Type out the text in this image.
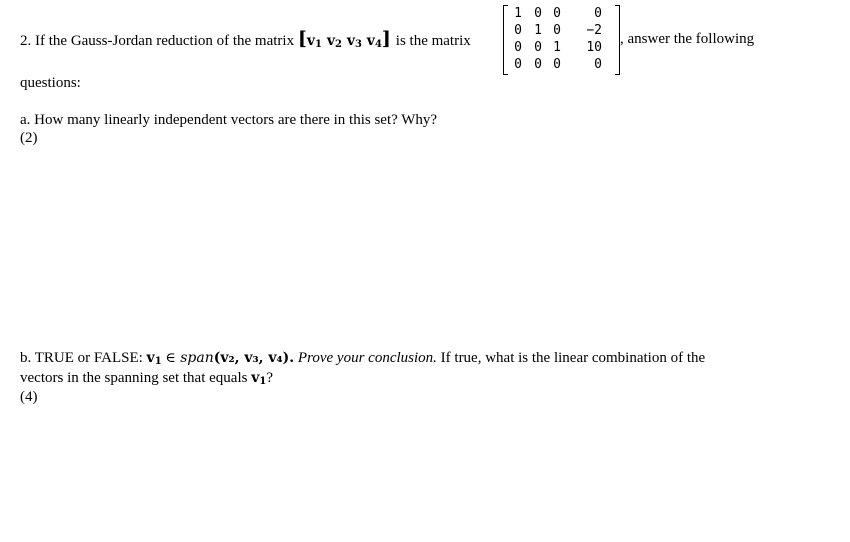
2. If the Gauss-Jordan reduction of the matrix [$v_1$ $v_2$ $v_3$ $v_4$] is the matrix
1 0 0	0
0 1 0	−2
0 0 1	10
0 0 0	0
, answer the following
questions:
a. How many linearly independent vectors are there in this set? Why?
(2)
b. TRUE or FALSE: $v_1$ ∈ span(v₂, v₃, v₄). Prove your conclusion. If true, what is the linear combination of the
vectors in the spanning set that equals $v_1$?
(4)
